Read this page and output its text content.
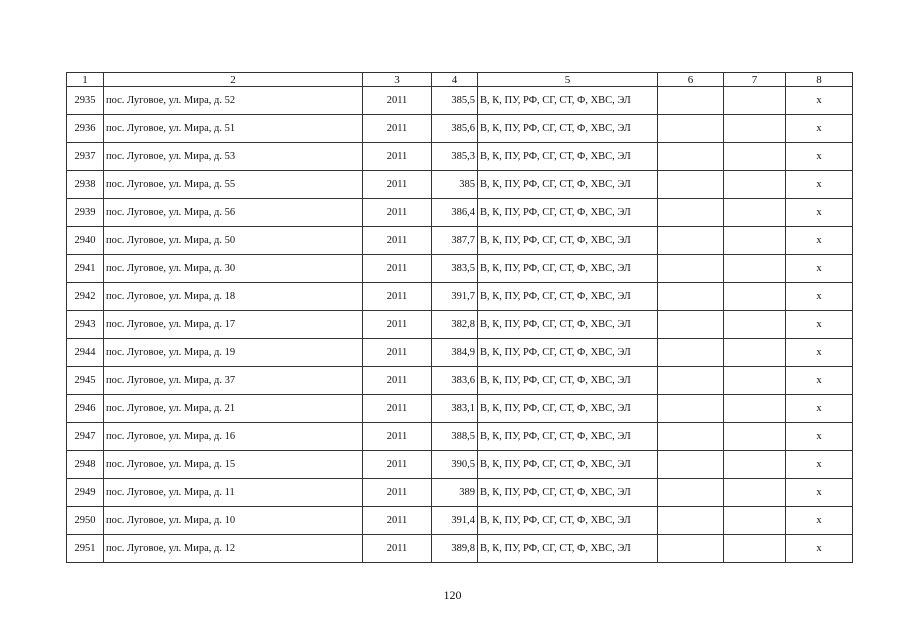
1	2	3	4	5	6	7	8
2935	пос. Луговое, ул. Мира, д. 52	2011	385,5	В, К, ПУ, РФ, СГ, СТ, Ф, ХВС, ЭЛ			x
2936	пос. Луговое, ул. Мира, д. 51	2011	385,6	В, К, ПУ, РФ, СГ, СТ, Ф, ХВС, ЭЛ			x
2937	пос. Луговое, ул. Мира, д. 53	2011	385,3	В, К, ПУ, РФ, СГ, СТ, Ф, ХВС, ЭЛ			x
2938	пос. Луговое, ул. Мира, д. 55	2011	385	В, К, ПУ, РФ, СГ, СТ, Ф, ХВС, ЭЛ			x
2939	пос. Луговое, ул. Мира, д. 56	2011	386,4	В, К, ПУ, РФ, СГ, СТ, Ф, ХВС, ЭЛ			x
2940	пос. Луговое, ул. Мира, д. 50	2011	387,7	В, К, ПУ, РФ, СГ, СТ, Ф, ХВС, ЭЛ			x
2941	пос. Луговое, ул. Мира, д. 30	2011	383,5	В, К, ПУ, РФ, СГ, СТ, Ф, ХВС, ЭЛ			x
2942	пос. Луговое, ул. Мира, д. 18	2011	391,7	В, К, ПУ, РФ, СГ, СТ, Ф, ХВС, ЭЛ			x
2943	пос. Луговое, ул. Мира, д. 17	2011	382,8	В, К, ПУ, РФ, СГ, СТ, Ф, ХВС, ЭЛ			x
2944	пос. Луговое, ул. Мира, д. 19	2011	384,9	В, К, ПУ, РФ, СГ, СТ, Ф, ХВС, ЭЛ			x
2945	пос. Луговое, ул. Мира, д. 37	2011	383,6	В, К, ПУ, РФ, СГ, СТ, Ф, ХВС, ЭЛ			x
2946	пос. Луговое, ул. Мира, д. 21	2011	383,1	В, К, ПУ, РФ, СГ, СТ, Ф, ХВС, ЭЛ			x
2947	пос. Луговое, ул. Мира, д. 16	2011	388,5	В, К, ПУ, РФ, СГ, СТ, Ф, ХВС, ЭЛ			x
2948	пос. Луговое, ул. Мира, д. 15	2011	390,5	В, К, ПУ, РФ, СГ, СТ, Ф, ХВС, ЭЛ			x
2949	пос. Луговое, ул. Мира, д. 11	2011	389	В, К, ПУ, РФ, СГ, СТ, Ф, ХВС, ЭЛ			x
2950	пос. Луговое, ул. Мира, д. 10	2011	391,4	В, К, ПУ, РФ, СГ, СТ, Ф, ХВС, ЭЛ			x
2951	пос. Луговое, ул. Мира, д. 12	2011	389,8	В, К, ПУ, РФ, СГ, СТ, Ф, ХВС, ЭЛ			x
120
